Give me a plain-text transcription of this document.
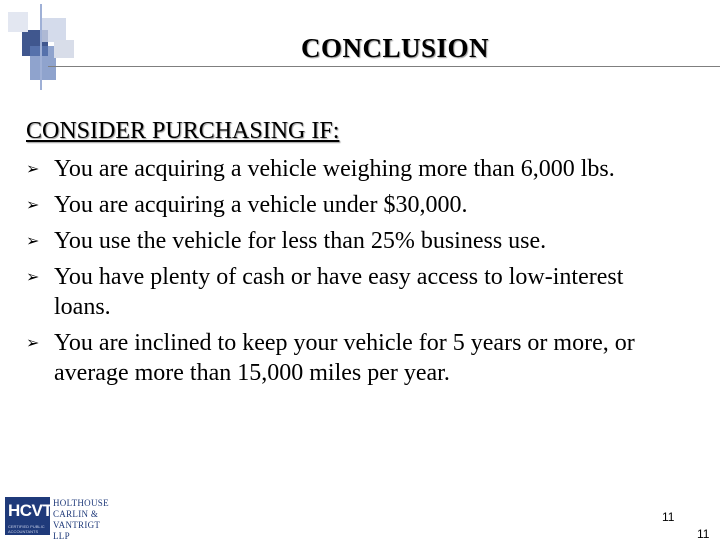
CONCLUSION
CONSIDER PURCHASING IF:
➢ You are acquiring a vehicle weighing more than 6,000 lbs.
➢ You are acquiring a vehicle under $30,000.
➢ You use the vehicle for less than 25% business use.
➢ You have plenty of cash or have easy access to low-interest loans.
➢ You are inclined to keep your vehicle for 5 years or more, or average more than 15,000 miles per year.
HCVT
CERTIFIED PUBLIC ACCOUNTANTS
HOLTHOUSE
CARLIN &
VANTRIGT LLP
11
11
